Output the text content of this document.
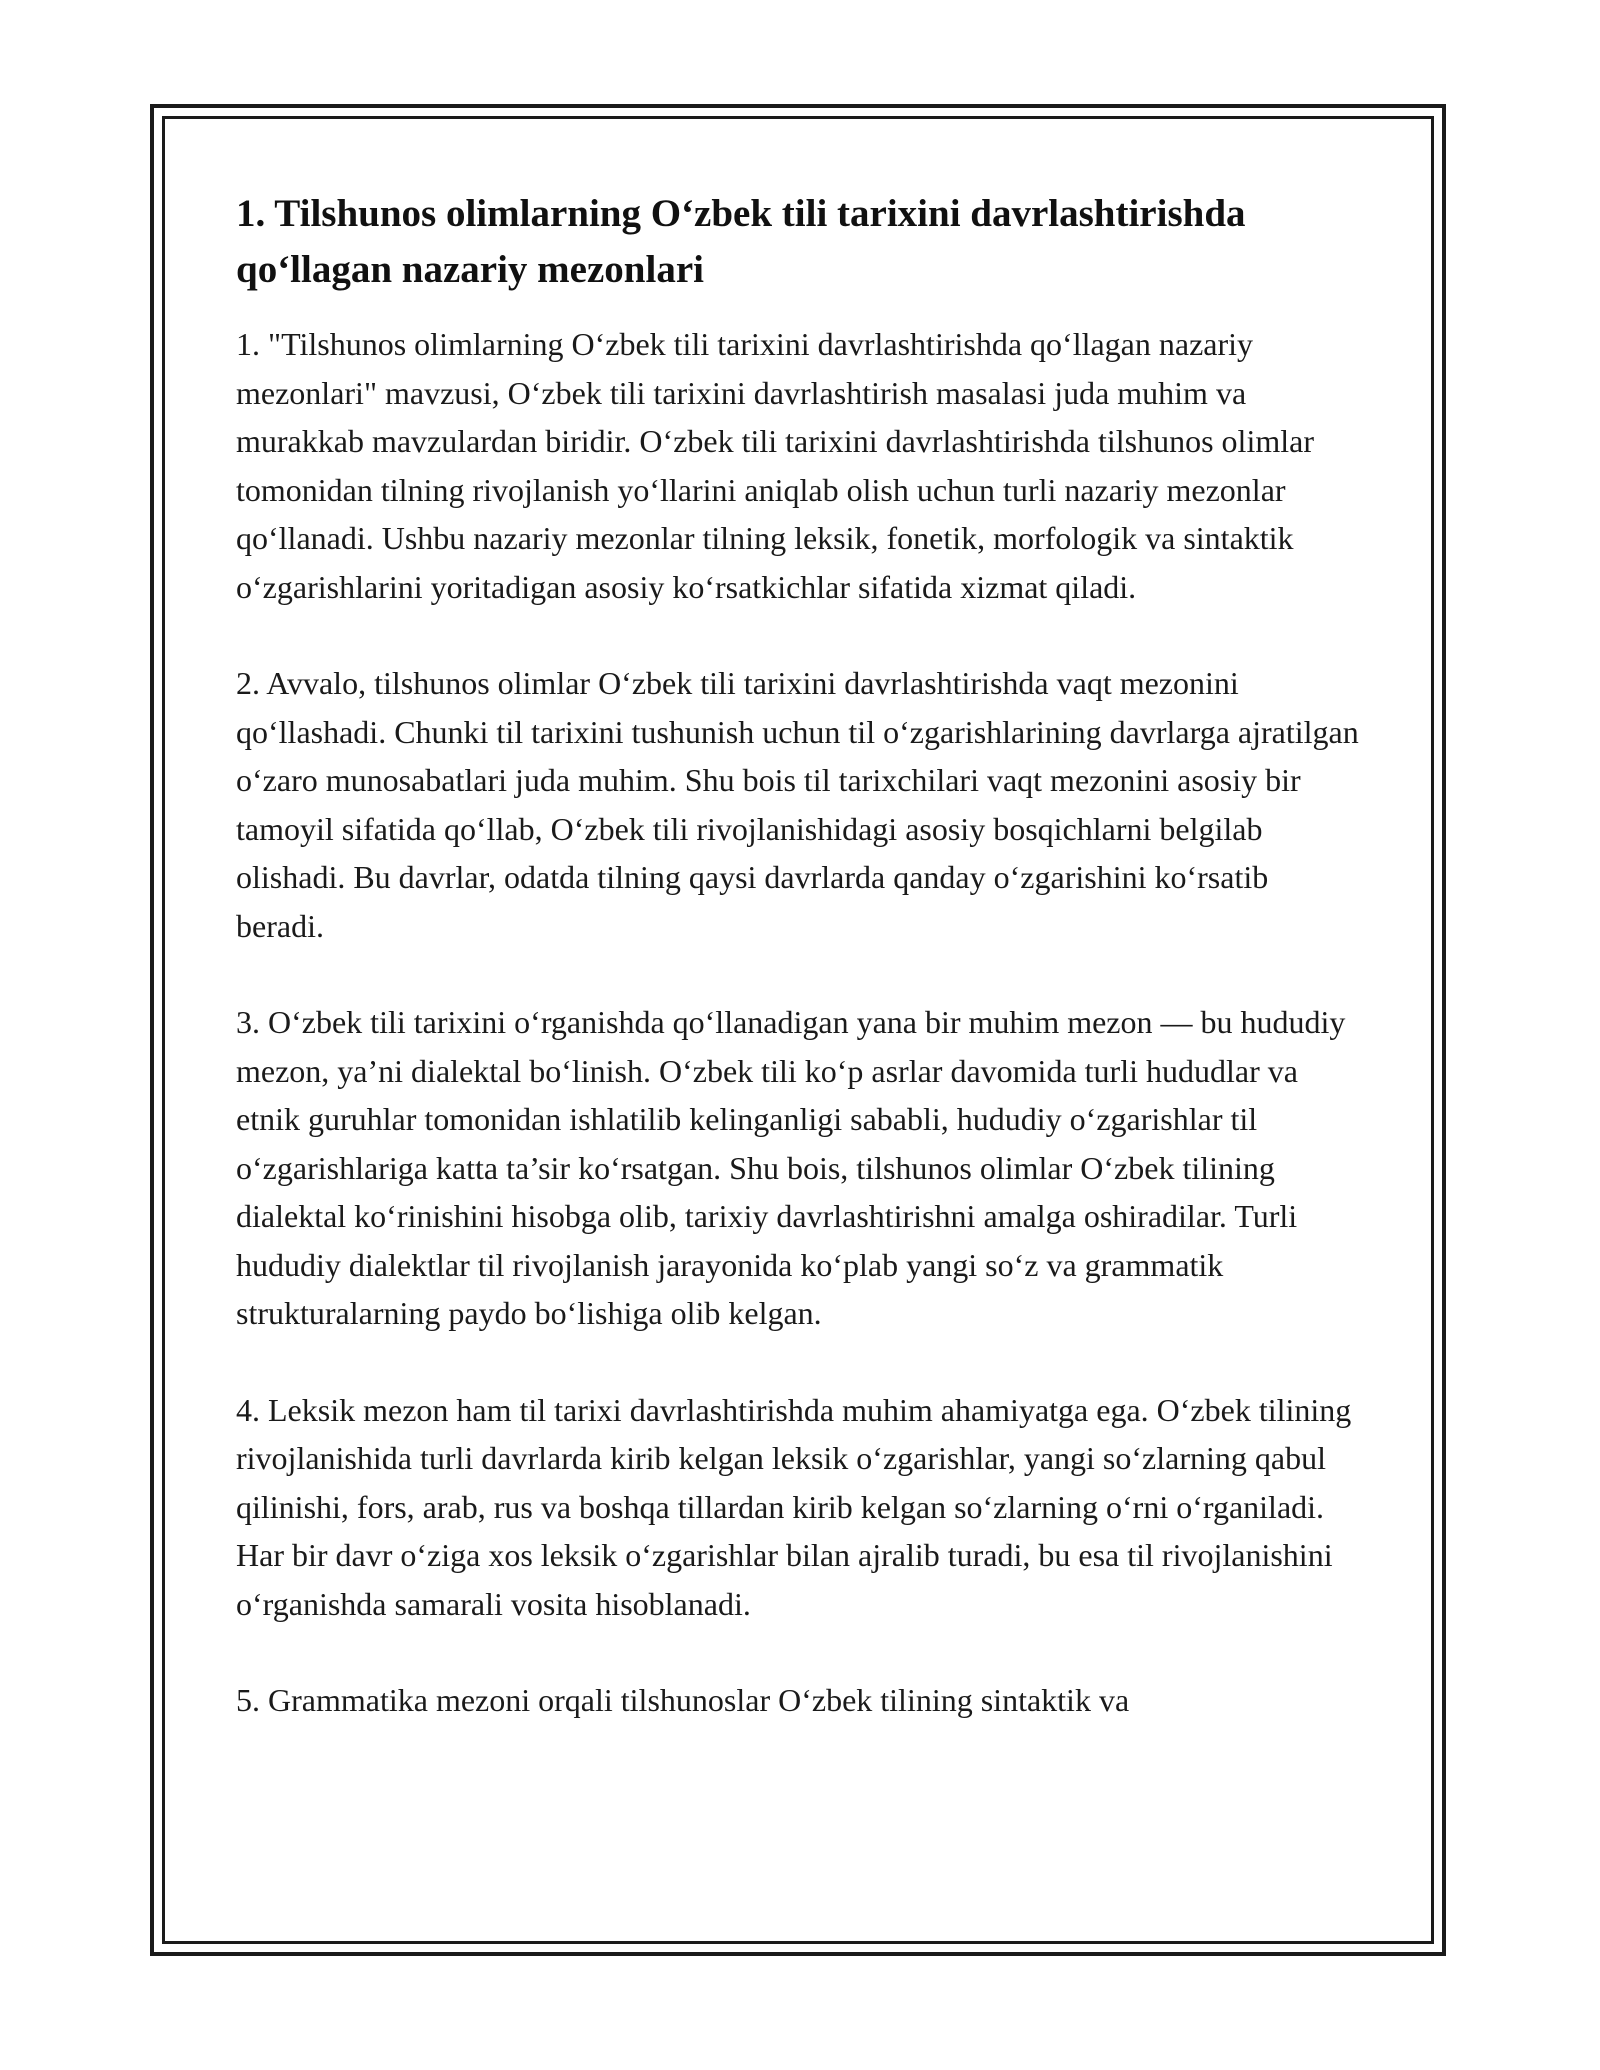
1. Tilshunos olimlarning O‘zbek tili tarixini davrlashtirishda qo‘llagan nazariy mezonlari

1. "Tilshunos olimlarning O‘zbek tili tarixini davrlashtirishda qo‘llagan nazariy mezonlari" mavzusi, O‘zbek tili tarixini davrlashtirish masalasi juda muhim va murakkab mavzulardan biridir. O‘zbek tili tarixini davrlashtirishda tilshunos olimlar tomonidan tilning rivojlanish yo‘llarini aniqlab olish uchun turli nazariy mezonlar qo‘llanadi. Ushbu nazariy mezonlar tilning leksik, fonetik, morfologik va sintaktik o‘zgarishlarini yoritadigan asosiy ko‘rsatkichlar sifatida xizmat qiladi.

2. Avvalo, tilshunos olimlar O‘zbek tili tarixini davrlashtirishda vaqt mezonini qo‘llashadi. Chunki til tarixini tushunish uchun til o‘zgarishlarining davrlarga ajratilgan o‘zaro munosabatlari juda muhim. Shu bois til tarixchilari vaqt mezonini asosiy bir tamoyil sifatida qo‘llab, O‘zbek tili rivojlanishidagi asosiy bosqichlarni belgilab olishadi. Bu davrlar, odatda tilning qaysi davrlarda qanday o‘zgarishini ko‘rsatib beradi.

3. O‘zbek tili tarixini o‘rganishda qo‘llanadigan yana bir muhim mezon — bu hududiy mezon, ya’ni dialektal bo‘linish. O‘zbek tili ko‘p asrlar davomida turli hududlar va etnik guruhlar tomonidan ishlatilib kelinganligi sababli, hududiy o‘zgarishlar til o‘zgarishlariga katta ta’sir ko‘rsatgan. Shu bois, tilshunos olimlar O‘zbek tilining dialektal ko‘rinishini hisobga olib, tarixiy davrlashtirishni amalga oshiradilar. Turli hududiy dialektlar til rivojlanish jarayonida ko‘plab yangi so‘z va grammatik strukturalarning paydo bo‘lishiga olib kelgan.

4. Leksik mezon ham til tarixi davrlashtirishda muhim ahamiyatga ega. O‘zbek tilining rivojlanishida turli davrlarda kirib kelgan leksik o‘zgarishlar, yangi so‘zlarning qabul qilinishi, fors, arab, rus va boshqa tillardan kirib kelgan so‘zlarning o‘rni o‘rganiladi. Har bir davr o‘ziga xos leksik o‘zgarishlar bilan ajralib turadi, bu esa til rivojlanishini o‘rganishda samarali vosita hisoblanadi.

5. Grammatika mezoni orqali tilshunoslar O‘zbek tilining sintaktik va
